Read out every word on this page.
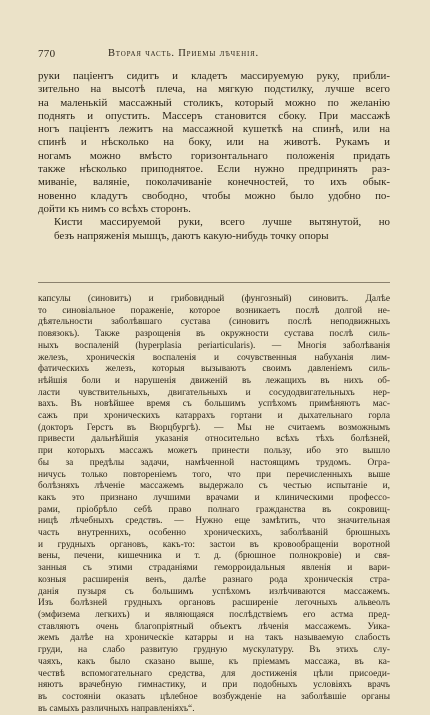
770	Вторая часть. Приемы лѣченія.

руки паціентъ сидитъ и кладетъ массируемую руку, прибли-
зительно на высотѣ плеча, на мягкую подстилку, лучше всего
на маленькій массажный столикъ, который можно по желанію
поднять и опустить. Массеръ становится сбоку. При массажѣ
ногъ паціентъ лежитъ на массажной кушеткѣ на спинѣ, или на
спинѣ и нѣсколько на боку, или на животѣ. Рукамъ и
ногамъ можно вмѣсто горизонтальнаго положенія придать
также нѣсколько приподнятое. Если нужно предпринять раз-
миваніе, валяніе, поколачиваніе конечностей, то ихъ обык-
новенно кладутъ свободно, чтобы можно было удобно по-
дойти къ нимъ со всѣхъ сторонъ.

Кисти массируемой руки, всего лучше вытянутой, но
безъ напряженія мышцъ, даютъ какую-нибудь точку опоры

капсулы (синовитъ) и грибовидный (фунгозный) синовитъ. Далѣе
то синовіальное пораженіе, которое возникаетъ послѣ долгой не-
дѣятельности заболѣвшаго сустава (синовитъ послѣ неподвижныхъ
повязокъ). Также разрощенія въ окружности сустава послѣ силь-
ныхъ воспаленій (hyperplasia periarticularis). — Многія заболѣванія
железъ, хроническія воспаленія и сочувственныя набуханія лим-
фатическихъ железъ, которыя вызываютъ своимъ давленіемъ силь-
нѣйшія боли и нарушенія движеній въ лежащихъ въ нихъ об-
ласти чувствительныхъ, двигательныхъ и сосудодвигательныхъ нер-
вахъ. Въ новѣйшее время съ большимъ успѣхомъ примѣняютъ мас-
сажъ при хроническихъ катаррахъ гортани и дыхательнаго горла
(докторъ Герстъ въ Вюрцбургѣ). — Мы не считаемъ возможнымъ
привести дальнѣйшія указанія относительно всѣхъ тѣхъ болѣзней,
при которыхъ массажъ можетъ принести пользу, ибо это вышло
бы за предѣлы задачи, намѣченной настоящимъ трудомъ. Огра-
ничусь только повтореніемъ того, что при перечисленныхъ выше
болѣзняхъ лѣченіе массажемъ выдержало съ честью испытаніе и,
какъ это признано лучшими врачами и клиническими профессо-
рами, пріобрѣло себѣ право полнаго гражданства въ сокровищ-
ницѣ лѣчебныхъ средствъ. — Нужно еще замѣтить, что значительная
часть внутреннихъ, особенно хроническихъ, заболѣваній брюшныхъ
и грудныхъ органовъ, какъ-то: застои въ кровообращеніи воротной
вены, печени, кишечника и т. д. (брюшное полнокровіе) и свя-
занныя съ этими страданіями геморроидальныя явленія и вари-
козныя расширенія венъ, далѣе разнаго рода хроническія стра-
данія пузыря съ большимъ успѣхомъ излѣчиваются массажемъ.
Изъ болѣзней грудныхъ органовъ расширеніе легочныхъ альвеолъ
(эмфизема легкихъ) и являющаяся послѣдствіемъ его астма пред-
ставляютъ очень благопріятный объектъ лѣченія массажемъ. Уика-
жемъ далѣе на хроническіе катарры и на такъ называемую слабость
груди, на слабо развитую грудную мускулатуру. Въ этихъ слу-
чаяхъ, какъ было сказано выше, къ пріемамъ массажа, въ ка-
чествѣ вспомогательнаго средства, для достиженія цѣли присоеди-
няютъ врачебную гимнастику, и при подобныхъ условіяхъ врачъ
въ состояніи оказать цѣлебное возбужденіе на заболѣвшіе органы
въ самыхъ различныхъ направленіяхъ“.
